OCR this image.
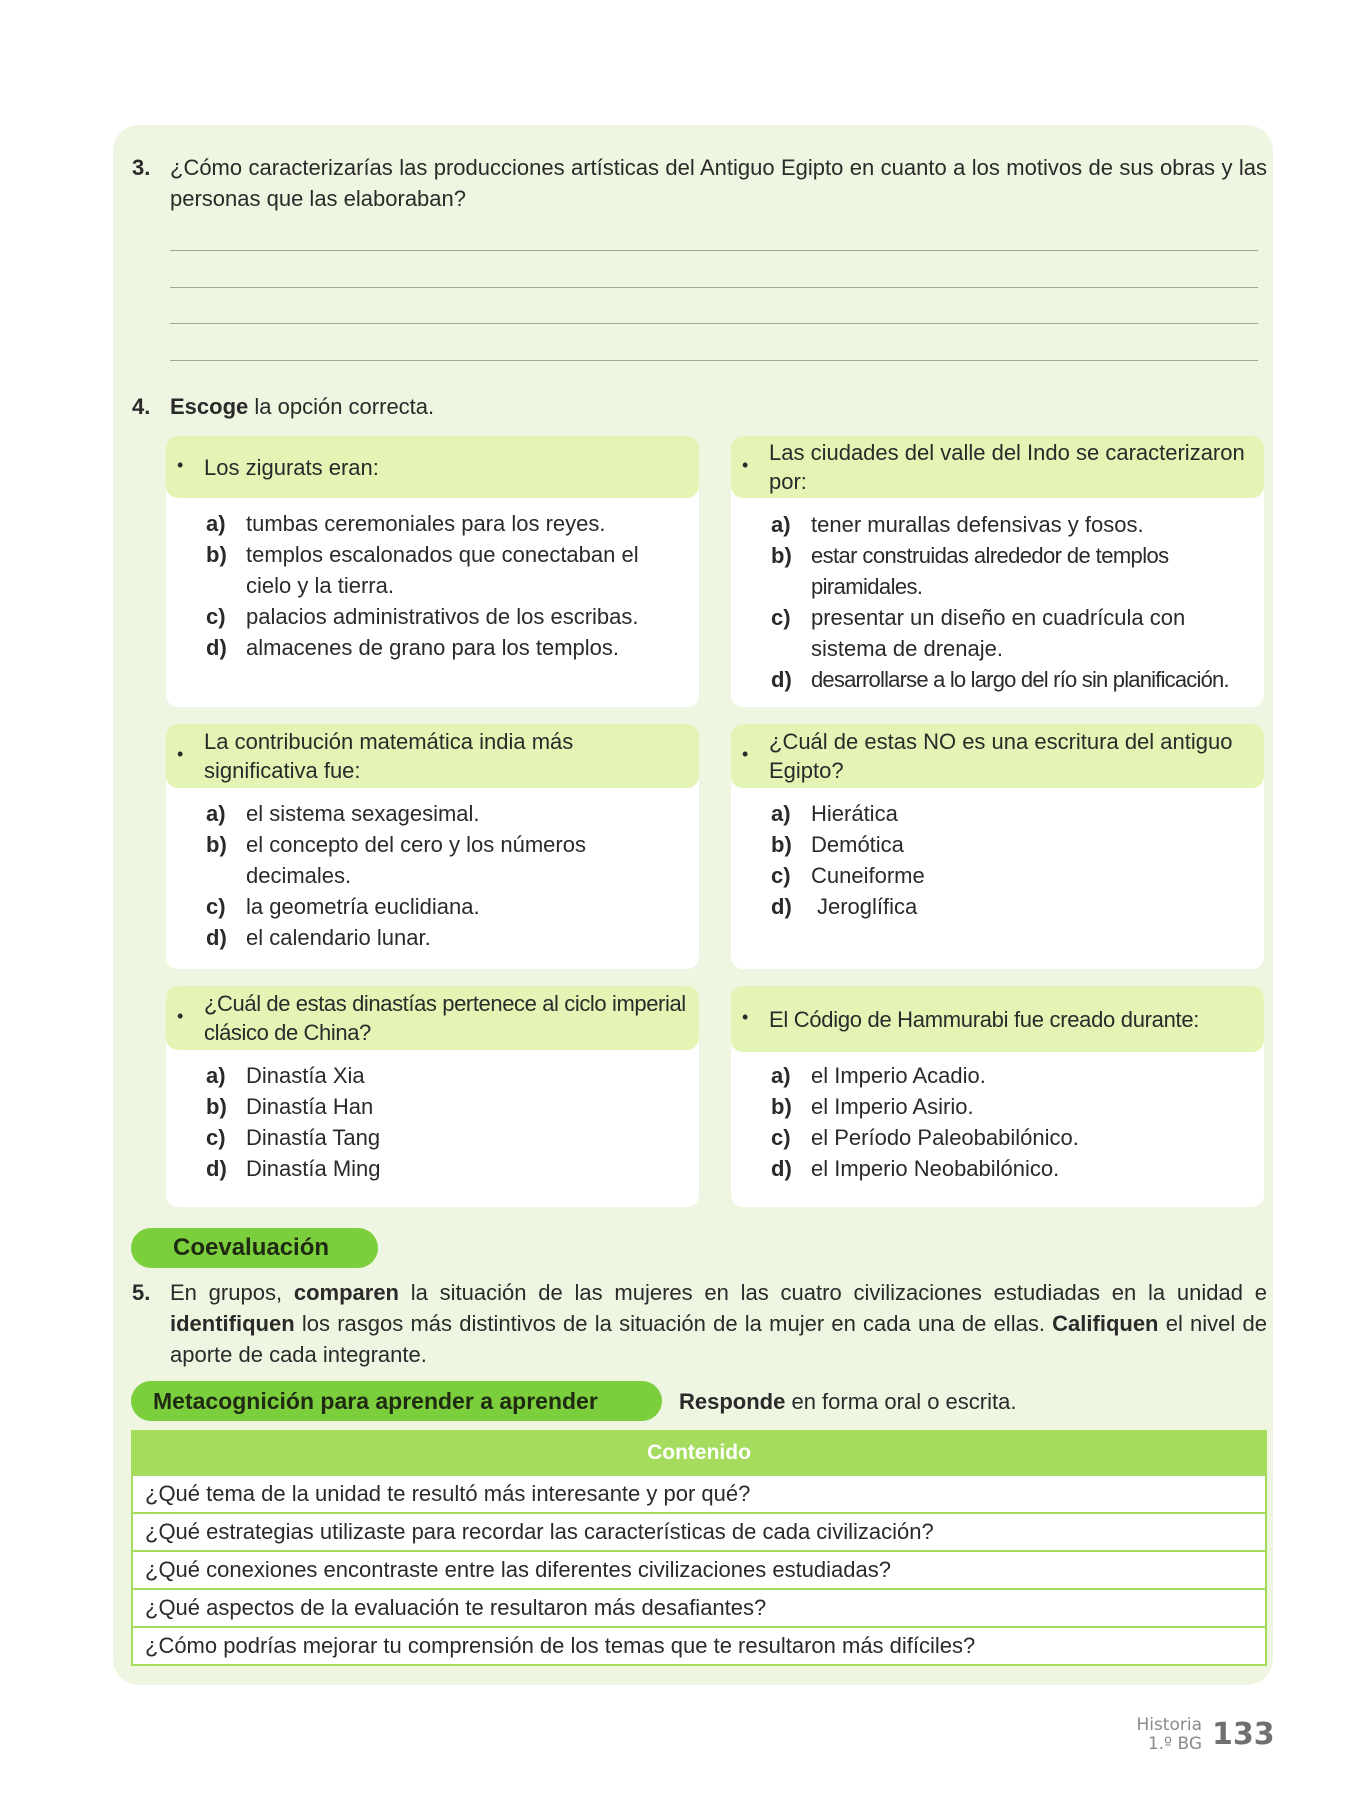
3. ¿Cómo caracterizarías las producciones artísticas del Antiguo Egipto en cuanto a los motivos de sus obras y las personas que las elaboraban?
4. Escoge la opción correcta.
• Los zigurats eran:
a) tumbas ceremoniales para los reyes.
b) templos escalonados que conectaban el cielo y la tierra.
c) palacios administrativos de los escribas.
d) almacenes de grano para los templos.
•
Las ciudades del valle del Indo se caracterizaron por:
a) tener murallas defensivas y fosos.
b) estar construidas alrededor de templos piramidales.
c) presentar un diseño en cuadrícula con sistema de drenaje.
d) desarrollarse a lo largo del río sin planificación.
•
La contribución matemática india más significativa fue:
a) el sistema sexagesimal.
b) el concepto del cero y los números decimales.
c) la geometría euclidiana.
d) el calendario lunar.
•
¿Cuál de estas NO es una escritura del antiguo Egipto?
a) Hierática
b) Demótica
c) Cuneiforme
d) Jeroglífica
•
¿Cuál de estas dinastías pertenece al ciclo imperial clásico de China?
a) Dinastía Xia
b) Dinastía Han
c) Dinastía Tang
d) Dinastía Ming
• El Código de Hammurabi fue creado durante:
a) el Imperio Acadio.
b) el Imperio Asirio.
c) el Período Paleobabilónico.
d) el Imperio Neobabilónico.
Coevaluación
5. En grupos, comparen la situación de las mujeres en las cuatro civilizaciones estudiadas en la unidad e identifiquen los rasgos más distintivos de la situación de la mujer en cada una de ellas. Califiquen el nivel de aporte de cada integrante.
Metacognición para aprender a aprender	Responde en forma oral o escrita.
Contenido
¿Qué tema de la unidad te resultó más interesante y por qué?
¿Qué estrategias utilizaste para recordar las características de cada civilización?
¿Qué conexiones encontraste entre las diferentes civilizaciones estudiadas?
¿Qué aspectos de la evaluación te resultaron más desafiantes?
¿Cómo podrías mejorar tu comprensión de los temas que te resultaron más difíciles?
Historia
1.º BG 133
